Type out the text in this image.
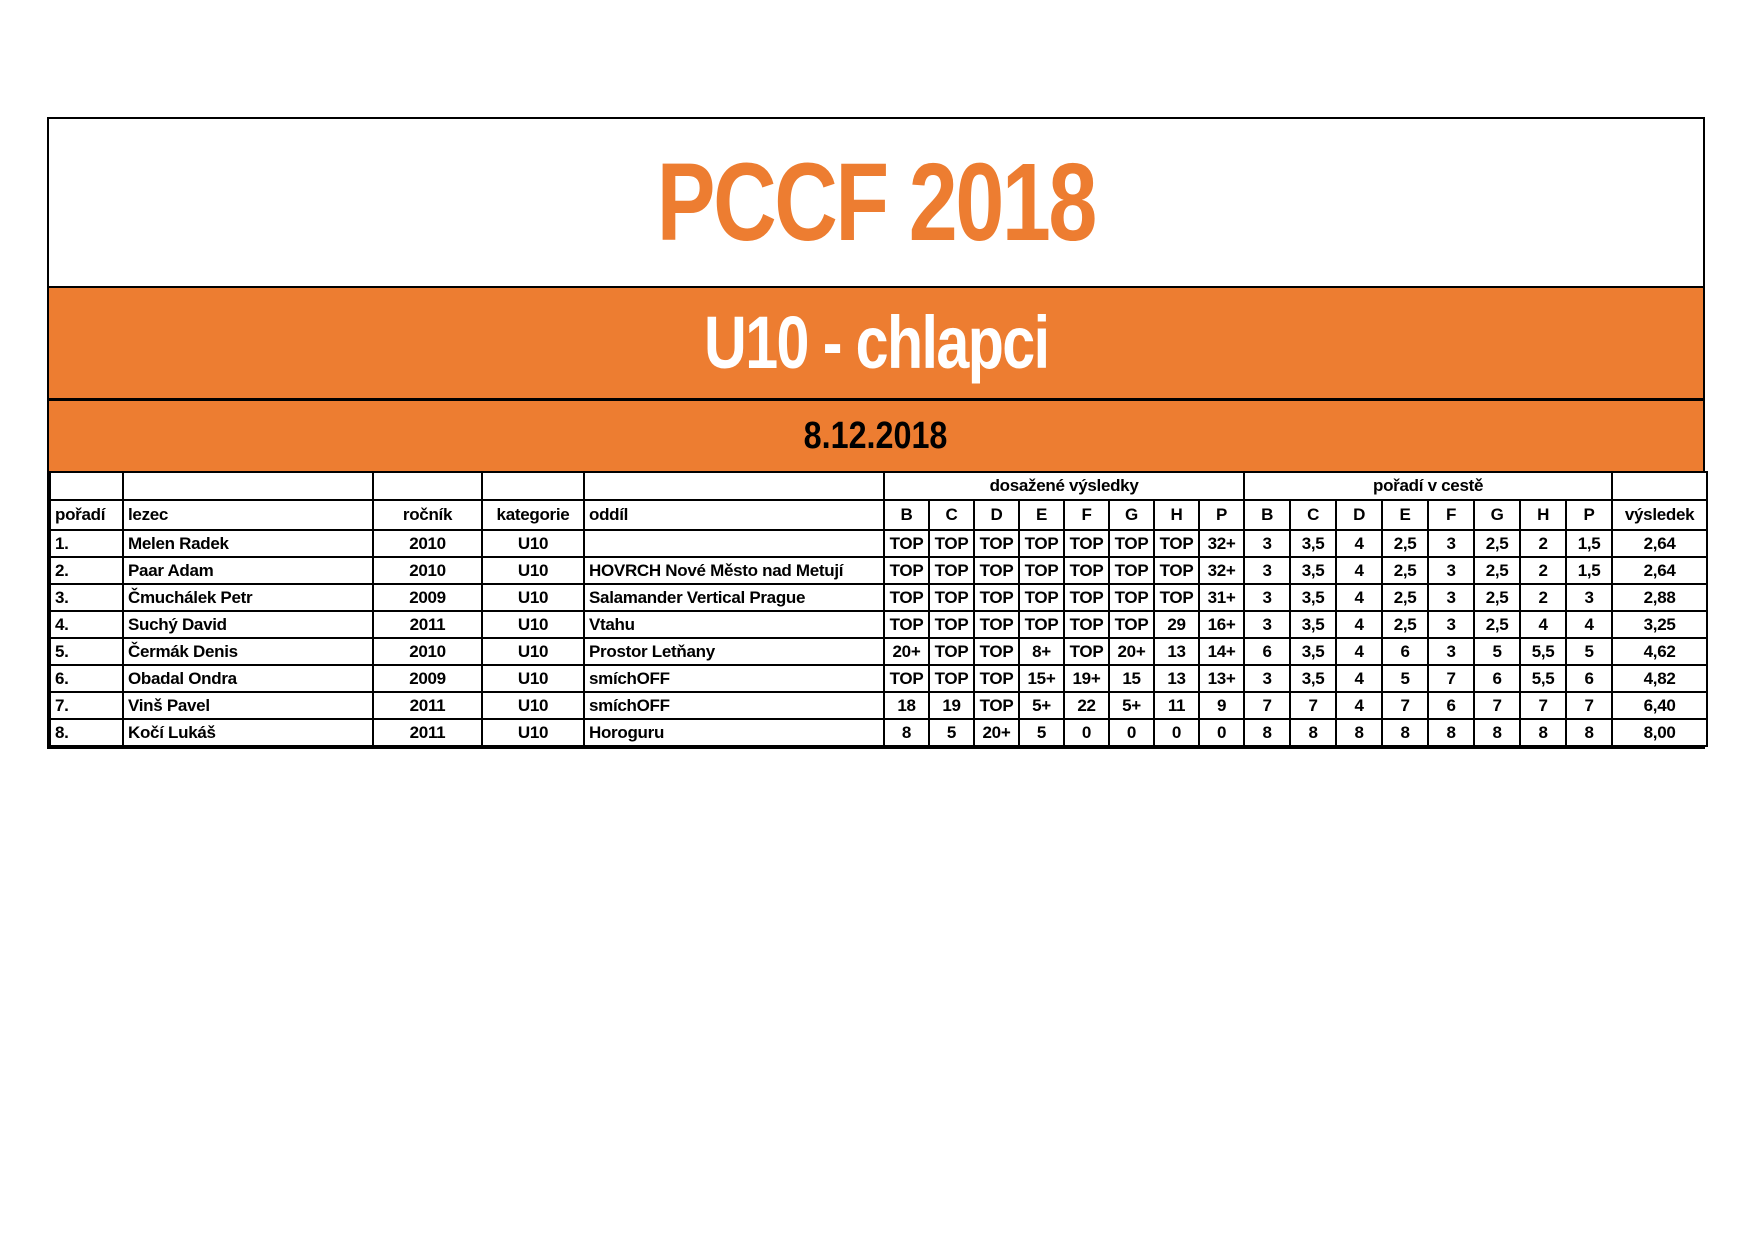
PCCF 2018
U10 - chlapci
8.12.2018
					dosažené výsledky								pořadí v cestě								
pořadí	lezec	ročník	kategorie	oddíl	B	C	D	E	F	G	H	P	B	C	D	E	F	G	H	P	výsledek
1.	Melen Radek	2010	U10		TOP	TOP	TOP	TOP	TOP	TOP	TOP	32+	3	3,5	4	2,5	3	2,5	2	1,5	2,64
2.	Paar Adam	2010	U10	HOVRCH Nové Město nad Metují	TOP	TOP	TOP	TOP	TOP	TOP	TOP	32+	3	3,5	4	2,5	3	2,5	2	1,5	2,64
3.	Čmuchálek Petr	2009	U10	Salamander Vertical Prague	TOP	TOP	TOP	TOP	TOP	TOP	TOP	31+	3	3,5	4	2,5	3	2,5	2	3	2,88
4.	Suchý David	2011	U10	Vtahu	TOP	TOP	TOP	TOP	TOP	TOP	29	16+	3	3,5	4	2,5	3	2,5	4	4	3,25
5.	Čermák Denis	2010	U10	Prostor Letňany	20+	TOP	TOP	8+	TOP	20+	13	14+	6	3,5	4	6	3	5	5,5	5	4,62
6.	Obadal Ondra	2009	U10	smíchOFF	TOP	TOP	TOP	15+	19+	15	13	13+	3	3,5	4	5	7	6	5,5	6	4,82
7.	Vinš Pavel	2011	U10	smíchOFF	18	19	TOP	5+	22	5+	11	9	7	7	4	7	6	7	7	7	6,40
8.	Kočí Lukáš	2011	U10	Horoguru	8	5	20+	5	0	0	0	0	8	8	8	8	8	8	8	8	8,00
